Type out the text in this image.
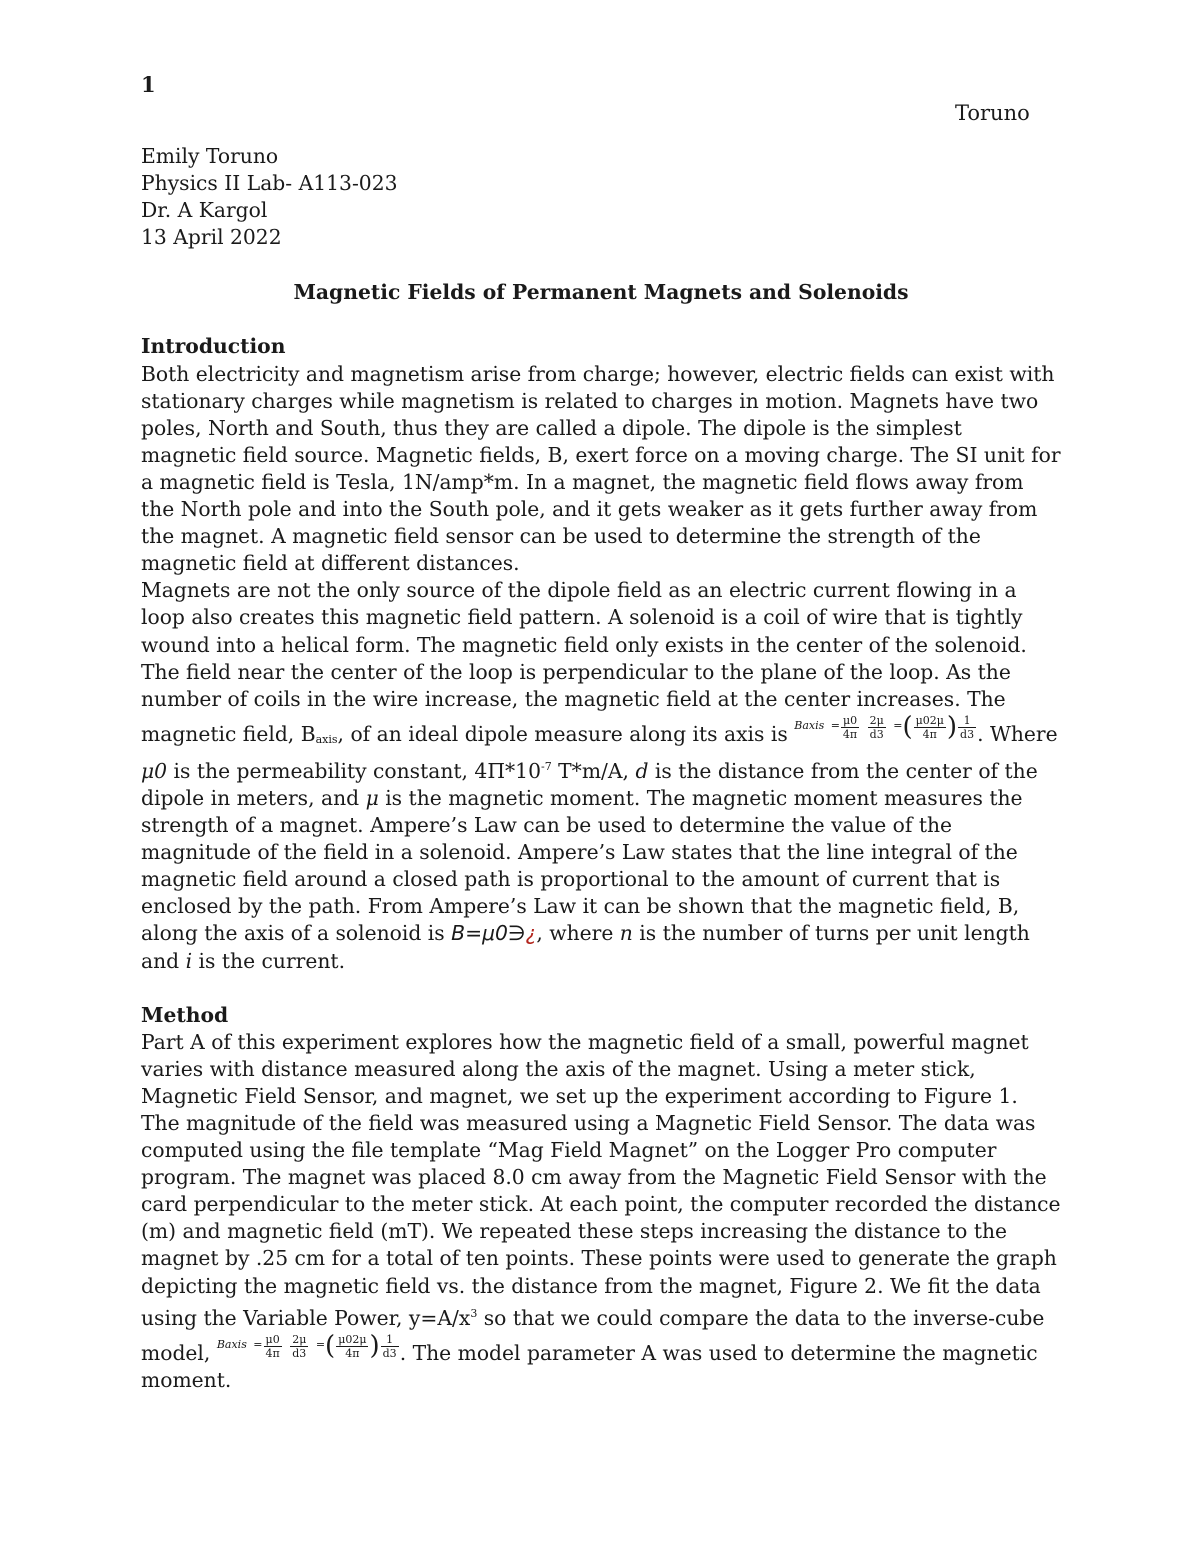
1

Toruno

Emily Toruno

Physics II Lab- A113-023

Dr. A Kargol

13 April 2022

Magnetic Fields of Permanent Magnets and Solenoids

Introduction

Both electricity and magnetism arise from charge; however, electric fields can exist with stationary charges while magnetism is related to charges in motion. Magnets have two poles, North and South, thus they are called a dipole. The dipole is the simplest magnetic field source. Magnetic fields, B, exert force on a moving charge. The SI unit for a magnetic field is Tesla, 1N/amp*m. In a magnet, the magnetic field flows away from the North pole and into the South pole, and it gets weaker as it gets further away from the magnet. A magnetic field sensor can be used to determine the strength of the magnetic field at different distances.

Magnets are not the only source of the dipole field as an electric current flowing in a loop also creates this magnetic field pattern. A solenoid is a coil of wire that is tightly wound into a helical form. The magnetic field only exists in the center of the solenoid. The field near the center of the loop is perpendicular to the plane of the loop. As the number of coils in the wire increase, the magnetic field at the center increases. The magnetic field, Baxis, of an ideal dipole measure along its axis is Baxis = $\frac{\mu 0}{4\pi}$
$\frac{2\mu}{d3}$ =( $\frac{\mu 02\mu}{4\pi}$ ) $\frac{1}{d3}$ . Where μ0 is the permeability constant, $4\Pi*10^{-7}$ T*m/A, d is the distance from the center of the dipole in meters, and μ is the magnetic moment. The magnetic moment measures the strength of a magnet. Ampere’s Law can be used to determine the value of the magnitude of the field in a solenoid. Ampere’s Law states that the line integral of the magnetic field around a closed path is proportional to the amount of current that is enclosed by the path. From Ampere’s Law it can be shown that the magnetic field, B, along the axis of a solenoid is B=μ0∋¿, where n is the number of turns per unit length and i is the current.

Method

Part A of this experiment explores how the magnetic field of a small, powerful magnet varies with distance measured along the axis of the magnet. Using a meter stick, Magnetic Field Sensor, and magnet, we set up the experiment according to Figure 1. The magnitude of the field was measured using a Magnetic Field Sensor. The data was computed using the file template “Mag Field Magnet” on the Logger Pro computer program. The magnet was placed 8.0 cm away from the Magnetic Field Sensor with the card perpendicular to the meter stick. At each point, the computer recorded the distance (m) and magnetic field (mT). We repeated these steps increasing the distance to the magnet by .25 cm for a total of ten points. These points were used to generate the graph depicting the magnetic field vs. the distance from the magnet, Figure 2. We fit the data using the Variable Power, $y=A/x^3$ so that we could compare the data to the inverse-cube model, Baxis = $\frac{\mu 0}{4\pi}$
$\frac{2\mu}{d3}$ =( $\frac{\mu 02\mu}{4\pi}$ ) $\frac{1}{d3}$ . The model parameter A was used to determine the magnetic moment.
